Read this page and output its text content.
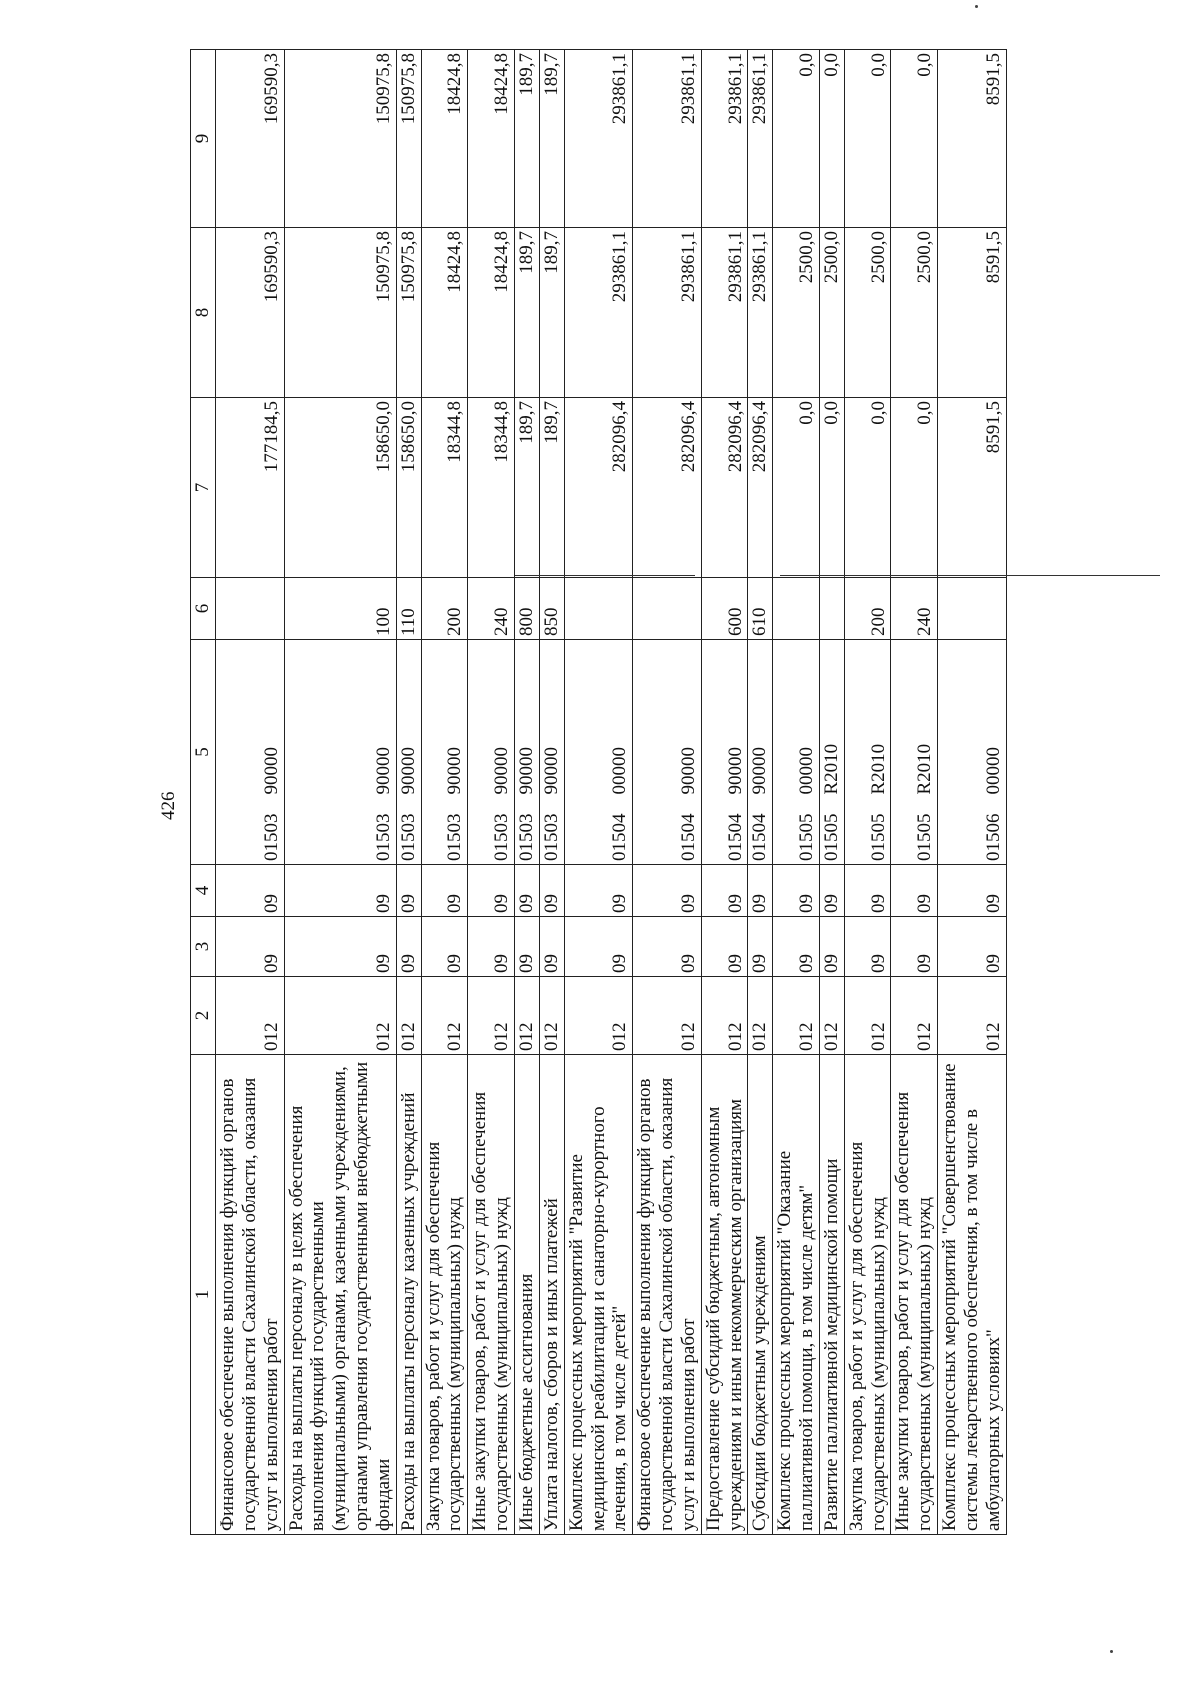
426
1	2	3	4	5	6	7	8	9
Финансовое обеспечение выполнения функций органов государственной власти Сахалинской области, оказания услуг и выполнения работ	012	09	09	01503    90000		177184,5	169590,3	169590,3
Расходы на выплаты персоналу в целях обеспечения выполнения функций государственными (муниципальными) органами, казенными учреждениями, органами управления государственными внебюджетными фондами	012	09	09	01503    90000	100	158650,0	150975,8	150975,8
Расходы на выплаты персоналу казенных учреждений	012	09	09	01503    90000	110	158650,0	150975,8	150975,8
Закупка товаров, работ и услуг для обеспечения государственных (муниципальных) нужд	012	09	09	01503    90000	200	18344,8	18424,8	18424,8
Иные закупки товаров, работ и услуг для обеспечения государственных (муниципальных) нужд	012	09	09	01503    90000	240	18344,8	18424,8	18424,8
Иные бюджетные ассигнования	012	09	09	01503    90000	800	189,7	189,7	189,7
Уплата налогов, сборов и иных платежей	012	09	09	01503    90000	850	189,7	189,7	189,7
Комплекс процессных мероприятий "Развитие медицинской реабилитации и санаторно-курортного лечения, в том числе детей"	012	09	09	01504    00000		282096,4	293861,1	293861,1
Финансовое обеспечение выполнения функций органов государственной власти Сахалинской области, оказания услуг и выполнения работ	012	09	09	01504    90000		282096,4	293861,1	293861,1
Предоставление субсидий бюджетным, автономным учреждениям и иным некоммерческим организациям	012	09	09	01504    90000	600	282096,4	293861,1	293861,1
Субсидии бюджетным учреждениям	012	09	09	01504    90000	610	282096,4	293861,1	293861,1
Комплекс процессных мероприятий "Оказание паллиативной помощи, в том числе детям"	012	09	09	01505    00000		0,0	2500,0	0,0
Развитие паллиативной медицинской помощи	012	09	09	01505    R2010		0,0	2500,0	0,0
Закупка товаров, работ и услуг для обеспечения государственных (муниципальных) нужд	012	09	09	01505    R2010	200	0,0	2500,0	0,0
Иные закупки товаров, работ и услуг для обеспечения государственных (муниципальных) нужд	012	09	09	01505    R2010	240	0,0	2500,0	0,0
Комплекс процессных мероприятий "Совершенствование системы лекарственного обеспечения, в том числе в амбулаторных условиях"	012	09	09	01506    00000		8591,5	8591,5	8591,5
